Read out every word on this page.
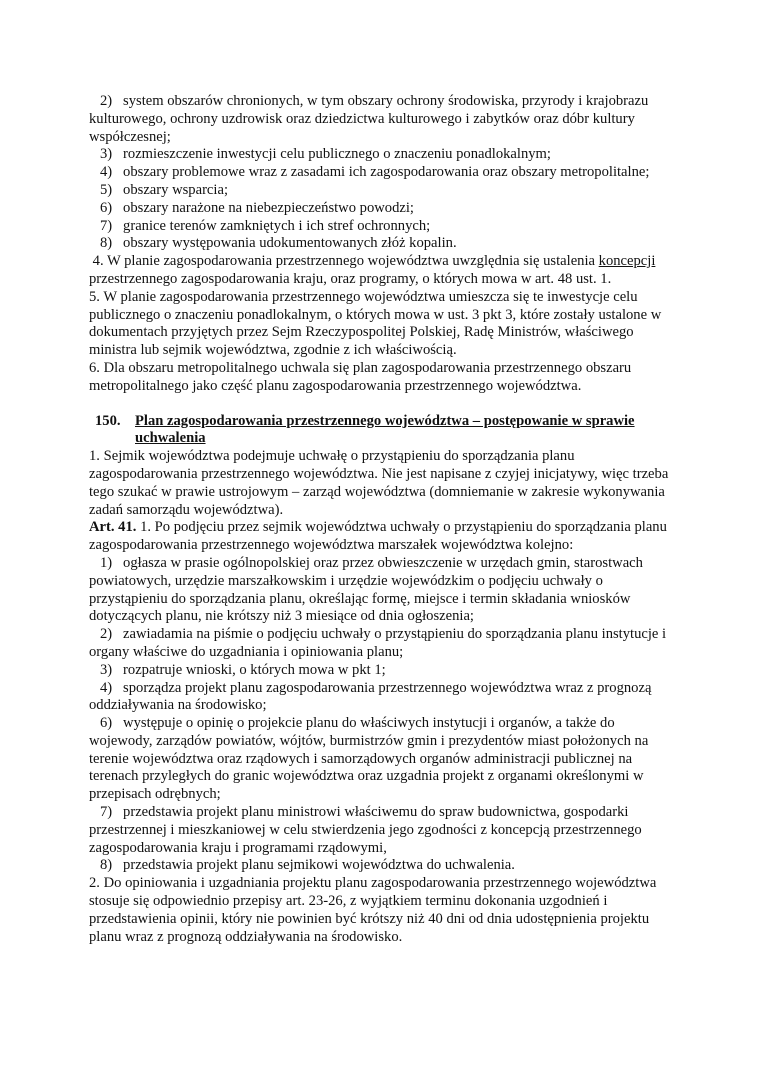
2)   system obszarów chronionych, w tym obszary ochrony środowiska, przyrody i krajobrazu kulturowego, ochrony uzdrowisk oraz dziedzictwa kulturowego i zabytków oraz dóbr kultury współczesnej;

3)   rozmieszczenie inwestycji celu publicznego o znaczeniu ponadlokalnym;

4)   obszary problemowe wraz z zasadami ich zagospodarowania oraz obszary metropolitalne;

5)   obszary wsparcia;

6)   obszary narażone na niebezpieczeństwo powodzi;

7)   granice terenów zamkniętych i ich stref ochronnych;

8)   obszary występowania udokumentowanych złóż kopalin.

4. W planie zagospodarowania przestrzennego województwa uwzględnia się ustalenia koncepcji przestrzennego zagospodarowania kraju, oraz programy, o których mowa w art. 48 ust. 1.

5. W planie zagospodarowania przestrzennego województwa umieszcza się te inwestycje celu publicznego o znaczeniu ponadlokalnym, o których mowa w ust. 3 pkt 3, które zostały ustalone w dokumentach przyjętych przez Sejm Rzeczypospolitej Polskiej, Radę Ministrów, właściwego ministra lub sejmik województwa, zgodnie z ich właściwością.

6. Dla obszaru metropolitalnego uchwala się plan zagospodarowania przestrzennego obszaru metropolitalnego jako część planu zagospodarowania przestrzennego województwa.

150. Plan zagospodarowania przestrzennego województwa – postępowanie w sprawie uchwalenia

1. Sejmik województwa podejmuje uchwałę o przystąpieniu do sporządzania planu zagospodarowania przestrzennego województwa. Nie jest napisane z czyjej inicjatywy, więc trzeba tego szukać w prawie ustrojowym – zarząd województwa (domniemanie w zakresie wykonywania zadań samorządu województwa).

Art. 41. 1. Po podjęciu przez sejmik województwa uchwały o przystąpieniu do sporządzania planu zagospodarowania przestrzennego województwa marszałek województwa kolejno:

1)   ogłasza w prasie ogólnopolskiej oraz przez obwieszczenie w urzędach gmin, starostwach powiatowych, urzędzie marszałkowskim i urzędzie wojewódzkim o podjęciu uchwały o przystąpieniu do sporządzania planu, określając formę, miejsce i termin składania wniosków dotyczących planu, nie krótszy niż 3 miesiące od dnia ogłoszenia;

2)   zawiadamia na piśmie o podjęciu uchwały o przystąpieniu do sporządzania planu instytucje i organy właściwe do uzgadniania i opiniowania planu;

3)   rozpatruje wnioski, o których mowa w pkt 1;

4)   sporządza projekt planu zagospodarowania przestrzennego województwa wraz z prognozą oddziaływania na środowisko;

6)   występuje o opinię o projekcie planu do właściwych instytucji i organów, a także do wojewody, zarządów powiatów, wójtów, burmistrzów gmin i prezydentów miast położonych na terenie województwa oraz rządowych i samorządowych organów administracji publicznej na terenach przyległych do granic województwa oraz uzgadnia projekt z organami określonymi w przepisach odrębnych;

7)   przedstawia projekt planu ministrowi właściwemu do spraw budownictwa, gospodarki przestrzennej i mieszkaniowej w celu stwierdzenia jego zgodności z koncepcją przestrzennego zagospodarowania kraju i programami rządowymi,

8)   przedstawia projekt planu sejmikowi województwa do uchwalenia.

2. Do opiniowania i uzgadniania projektu planu zagospodarowania przestrzennego województwa stosuje się odpowiednio przepisy art. 23-26, z wyjątkiem terminu dokonania uzgodnień i przedstawienia opinii, który nie powinien być krótszy niż 40 dni od dnia udostępnienia projektu planu wraz z prognozą oddziaływania na środowisko.
